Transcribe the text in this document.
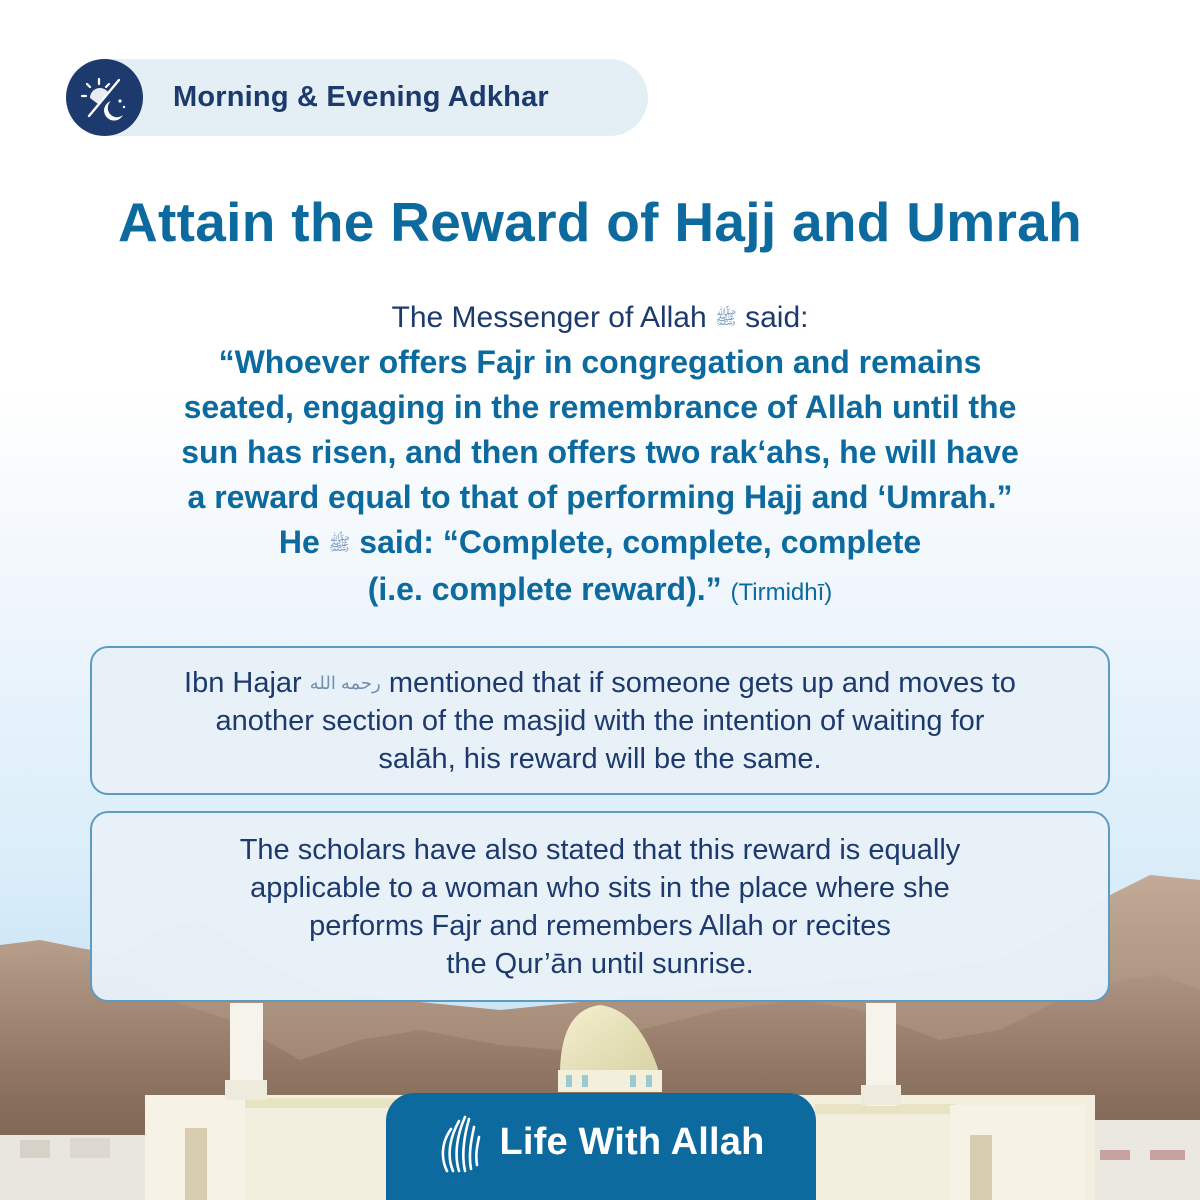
Morning & Evening Adkhar
Attain the Reward of Hajj and Umrah
The Messenger of Allah ﷺ said:
“Whoever offers Fajr in congregation and remains
seated, engaging in the remembrance of Allah until the
sun has risen, and then offers two rak‘ahs, he will have
a reward equal to that of performing Hajj and ‘Umrah.”
He ﷺ said: “Complete, complete, complete
(i.e. complete reward).” (Tirmidhī)
Ibn Hajar رحمه الله mentioned that if someone gets up and moves to
another section of the masjid with the intention of waiting for
salāh, his reward will be the same.
The scholars have also stated that this reward is equally
applicable to a woman who sits in the place where she
performs Fajr and remembers Allah or recites
the Qur’ān until sunrise.
Life With Allah
